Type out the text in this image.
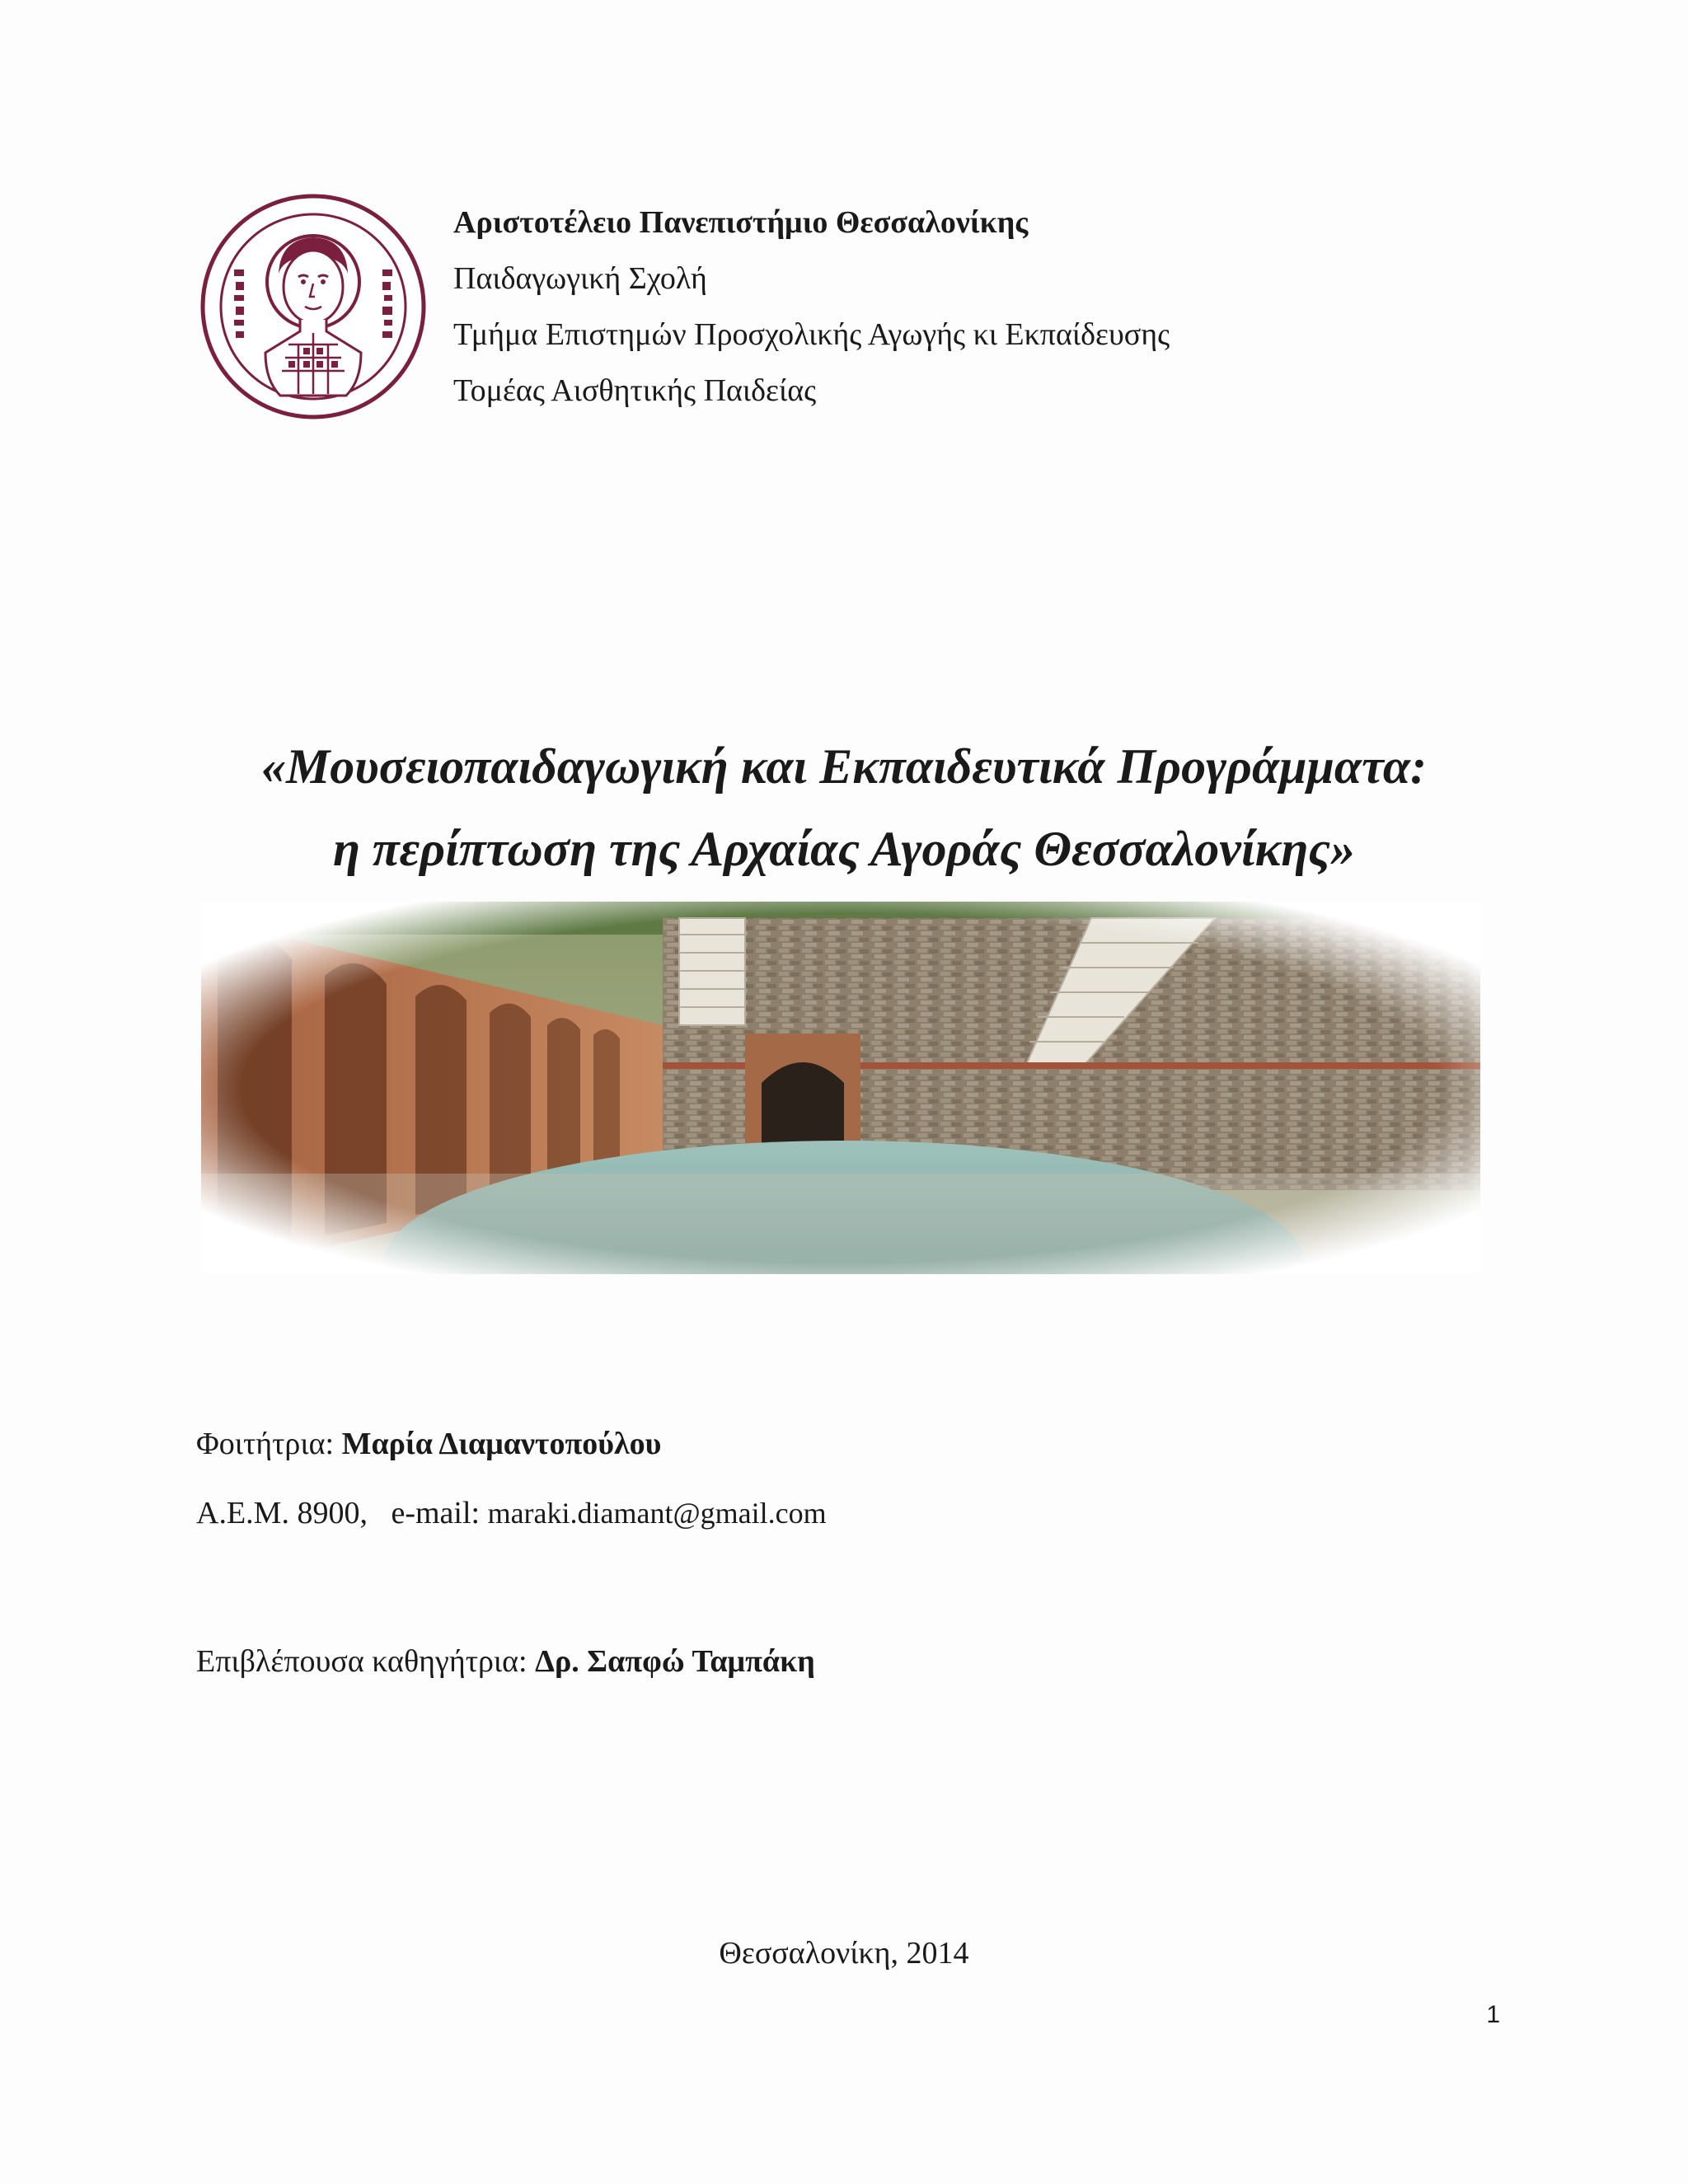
Αριστοτέλειο Πανεπιστήμιο Θεσσαλονίκης
Παιδαγωγική Σχολή
Τμήμα Επιστημών Προσχολικής Αγωγής κι Εκπαίδευσης
Τομέας Αισθητικής Παιδείας
«Μουσειοπαιδαγωγική και Εκπαιδευτικά Προγράμματα:
η περίπτωση της Αρχαίας Αγοράς Θεσσαλονίκης»
Φοιτήτρια: Μαρία Διαμαντοπούλου
Α.Ε.Μ. 8900, e-mail: maraki.diamant@gmail.com
Επιβλέπουσα καθηγήτρια: Δρ. Σαπφώ Ταμπάκη
Θεσσαλονίκη, 2014
1
